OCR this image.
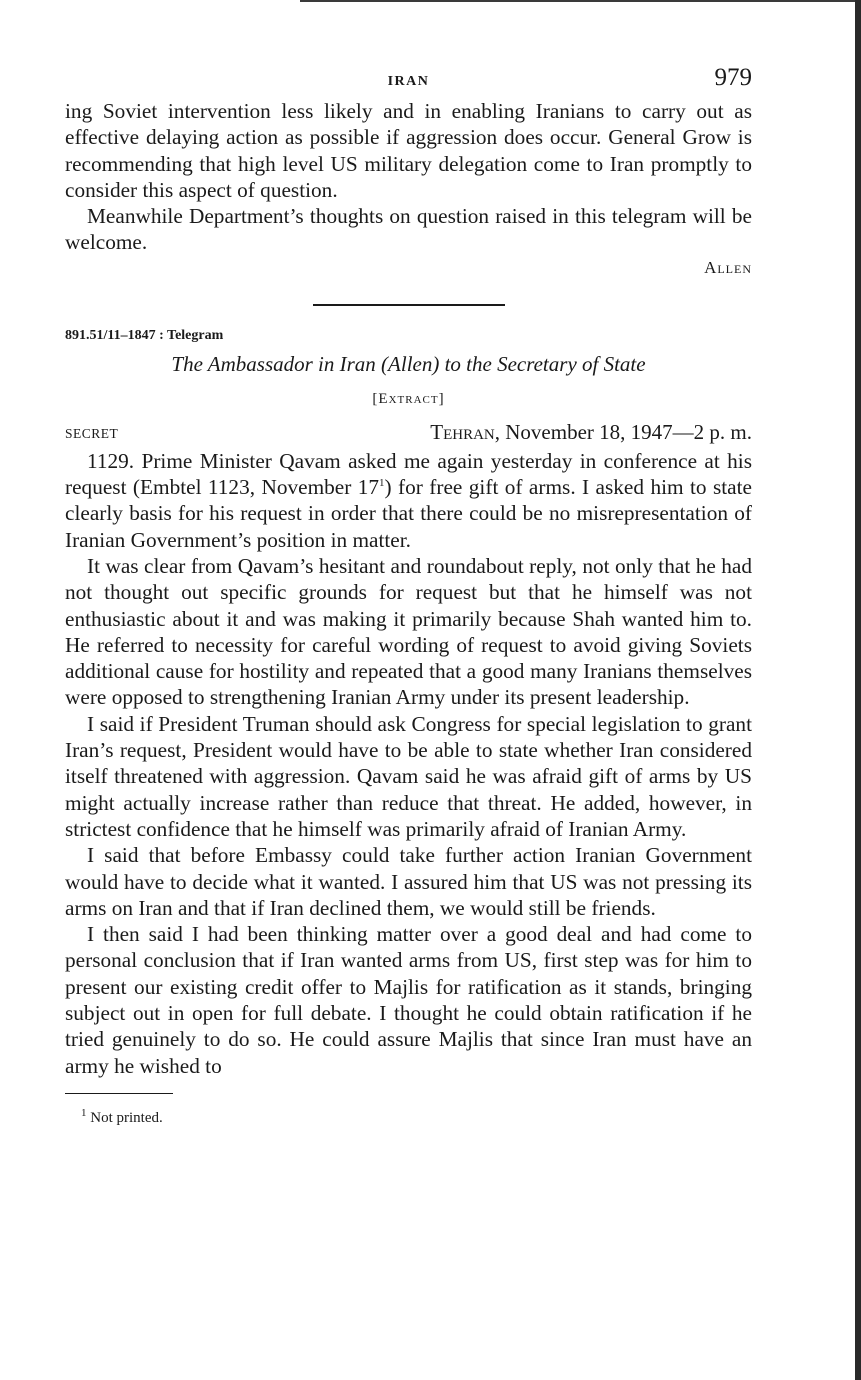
IRAN	979

ing Soviet intervention less likely and in enabling Iranians to carry out as effective delaying action as possible if aggression does occur. General Grow is recommending that high level US military delegation come to Iran promptly to consider this aspect of question.

Meanwhile Department’s thoughts on question raised in this telegram will be welcome.

Allen
891.51/11–1847 : Telegram
The Ambassador in Iran (Allen) to the Secretary of State
[Extract]
SECRET	Tehran, November 18, 1947—2 p. m.

1129. Prime Minister Qavam asked me again yesterday in conference at his request (Embtel 1123, November $17^1$) for free gift of arms. I asked him to state clearly basis for his request in order that there could be no misrepresentation of Iranian Government’s position in matter.

It was clear from Qavam’s hesitant and roundabout reply, not only that he had not thought out specific grounds for request but that he himself was not enthusiastic about it and was making it primarily because Shah wanted him to. He referred to necessity for careful wording of request to avoid giving Soviets additional cause for hostility and repeated that a good many Iranians themselves were opposed to strengthening Iranian Army under its present leadership.

I said if President Truman should ask Congress for special legislation to grant Iran’s request, President would have to be able to state whether Iran considered itself threatened with aggression. Qavam said he was afraid gift of arms by US might actually increase rather than reduce that threat. He added, however, in strictest confidence that he himself was primarily afraid of Iranian Army.

I said that before Embassy could take further action Iranian Government would have to decide what it wanted. I assured him that US was not pressing its arms on Iran and that if Iran declined them, we would still be friends.

I then said I had been thinking matter over a good deal and had come to personal conclusion that if Iran wanted arms from US, first step was for him to present our existing credit offer to Majlis for ratification as it stands, bringing subject out in open for full debate. I thought he could obtain ratification if he tried genuinely to do so. He could assure Majlis that since Iran must have an army he wished to

$^1$ Not printed.
